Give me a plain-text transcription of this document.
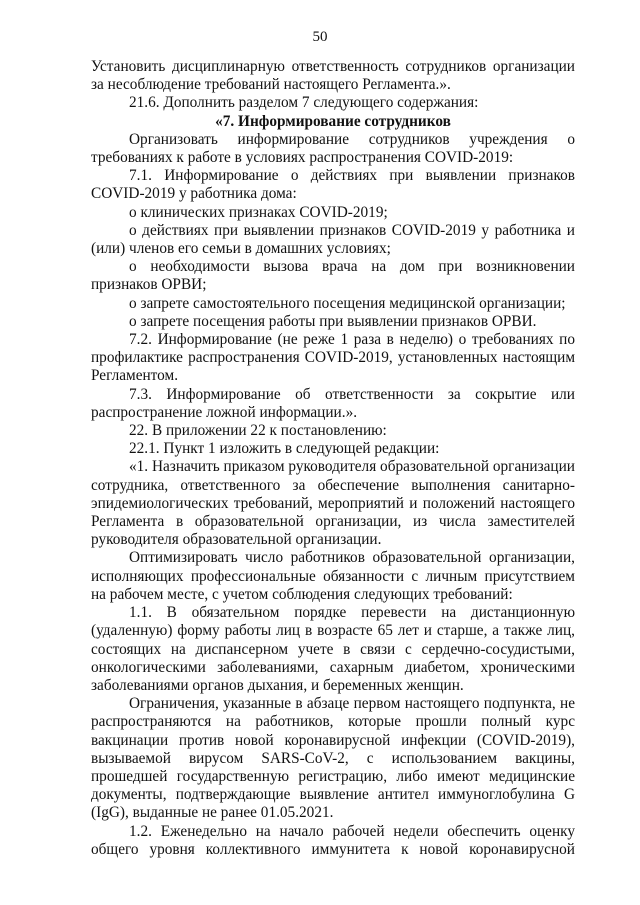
50

Установить дисциплинарную ответственность сотрудников организации за несоблюдение требований настоящего Регламента.».

21.6. Дополнить разделом 7 следующего содержания:

«7. Информирование сотрудников

Организовать информирование сотрудников учреждения о требованиях к работе в условиях распространения COVID-2019:

7.1. Информирование о действиях при выявлении признаков COVID-2019 у работника дома:

о клинических признаках COVID-2019;

о действиях при выявлении признаков COVID-2019 у работника и (или) членов его семьи в домашних условиях;

о необходимости вызова врача на дом при возникновении признаков ОРВИ;

о запрете самостоятельного посещения медицинской организации;

о запрете посещения работы при выявлении признаков ОРВИ.

7.2. Информирование (не реже 1 раза в неделю) о требованиях по профилактике распространения COVID-2019, установленных настоящим Регламентом.

7.3. Информирование об ответственности за сокрытие или распространение ложной информации.».

22. В приложении 22 к постановлению:

22.1. Пункт 1 изложить в следующей редакции:

«1. Назначить приказом руководителя образовательной организации сотрудника, ответственного за обеспечение выполнения санитарно-эпидемиологических требований, мероприятий и положений настоящего Регламента в образовательной организации, из числа заместителей руководителя образовательной организации.

Оптимизировать число работников образовательной организации, исполняющих профессиональные обязанности с личным присутствием на рабочем месте, с учетом соблюдения следующих требований:

1.1. В обязательном порядке перевести на дистанционную (удаленную) форму работы лиц в возрасте 65 лет и старше, а также лиц, состоящих на диспансерном учете в связи с сердечно-сосудистыми, онкологическими заболеваниями, сахарным диабетом, хроническими заболеваниями органов дыхания, и беременных женщин.

Ограничения, указанные в абзаце первом настоящего подпункта, не распространяются на работников, которые прошли полный курс вакцинации против новой коронавирусной инфекции (COVID-2019), вызываемой вирусом SARS-CoV-2, с использованием вакцины, прошедшей государственную регистрацию, либо имеют медицинские документы, подтверждающие выявление антител иммуноглобулина G (IgG), выданные не ранее 01.05.2021.

1.2. Еженедельно на начало рабочей недели обеспечить оценку общего уровня коллективного иммунитета к новой коронавирусной
